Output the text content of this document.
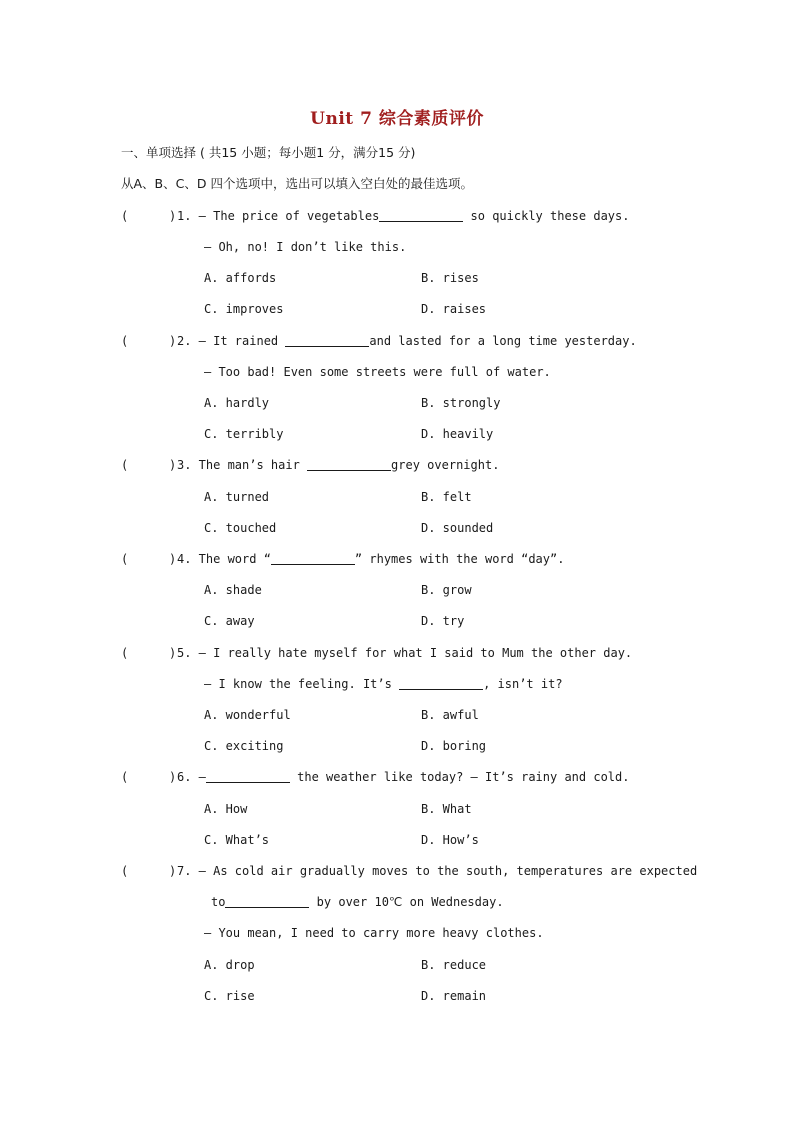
Unit 7 综合素质评价
一、单项选择 ( 共15 小题；每小题1 分，满分15 分)
从A、B、C、D 四个选项中，选出可以填入空白处的最佳选项。
(	) 1. — The price of vegetables	so quickly these days.
— Oh, no! I don’t like this.
A. affords	B. rises
C. improves	D. raises
(	) 2. — It rained	and lasted for a long time yesterday.
— Too bad! Even some streets were full of water.
A. hardly	B. strongly
C. terribly	D. heavily
(	) 3. The man’s hair	grey overnight.
A. turned	B. felt
C. touched	D. sounded
(	) 4. The word “	” rhymes with the word “day”.
A. shade	B. grow
C. away	D. try
(	) 5. — I really hate myself for what I said to Mum the other day.
— I know the feeling. It’s	, isn’t it?
A. wonderful	B. awful
C. exciting	D. boring
(	) 6. —	the weather like today? — It’s rainy and cold.
A. How	B. What
C. What’s	D. How’s
(	) 7. — As cold air gradually moves to the south, temperatures are expected
to	by over 10℃ on Wednesday.
— You mean, I need to carry more heavy clothes.
A. drop	B. reduce
C. rise	D. remain
